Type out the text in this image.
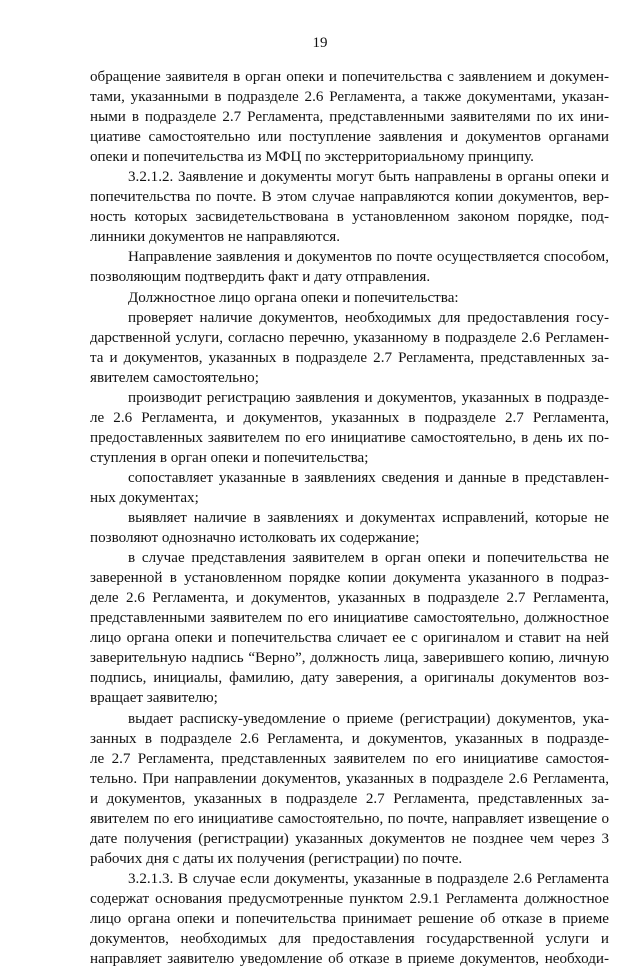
19
обращение заявителя в орган опеки и попечительства с заявлением и докумен-
тами, указанными в подразделе 2.6 Регламента, а также документами, указан-
ными в подразделе 2.7 Регламента, представленными заявителями по их ини-
циативе самостоятельно или поступление заявления и документов органами
опеки и попечительства из МФЦ по экстерриториальному принципу.
3.2.1.2. Заявление и документы могут быть направлены в органы опеки и
попечительства по почте. В этом случае направляются копии документов, вер-
ность которых засвидетельствована в установленном законом порядке, под-
линники документов не направляются.
Направление заявления и документов по почте осуществляется способом,
позволяющим подтвердить факт и дату отправления.
Должностное лицо органа опеки и попечительства:
проверяет наличие документов, необходимых для предоставления госу-
дарственной услуги, согласно перечню, указанному в подразделе 2.6 Регламен-
та и документов, указанных в подразделе 2.7 Регламента, представленных за-
явителем самостоятельно;
производит регистрацию заявления и документов, указанных в подразде-
ле 2.6 Регламента, и документов, указанных в подразделе 2.7 Регламента,
предоставленных заявителем по его инициативе самостоятельно, в день их по-
ступления в орган опеки и попечительства;
сопоставляет указанные в заявлениях сведения и данные в представлен-
ных документах;
выявляет наличие в заявлениях и документах исправлений, которые не
позволяют однозначно истолковать их содержание;
в случае представления заявителем в орган опеки и попечительства не
заверенной в установленном порядке копии документа указанного в подраз-
деле 2.6 Регламента, и документов, указанных в подразделе 2.7 Регламента,
представленными заявителем по его инициативе самостоятельно, должностное
лицо органа опеки и попечительства сличает ее с оригиналом и ставит на ней
заверительную надпись “Верно”, должность лица, заверившего копию, личную
подпись, инициалы, фамилию, дату заверения, а оригиналы документов воз-
вращает заявителю;
выдает расписку-уведомление о приеме (регистрации) документов, ука-
занных в подразделе 2.6 Регламента, и документов, указанных в подразде-
ле 2.7 Регламента, представленных заявителем по его инициативе самостоя-
тельно. При направлении документов, указанных в подразделе 2.6 Регламента,
и документов, указанных в подразделе 2.7 Регламента, представленных за-
явителем по его инициативе самостоятельно, по почте, направляет извещение о
дате получения (регистрации) указанных документов не позднее чем через 3
рабочих дня с даты их получения (регистрации) по почте.
3.2.1.3. В случае если документы, указанные в подразделе 2.6 Регламента
содержат основания предусмотренные пунктом 2.9.1 Регламента должностное
лицо органа опеки и попечительства принимает решение об отказе в приеме
документов, необходимых для предоставления государственной услуги и
направляет заявителю уведомление об отказе в приеме документов, необходи-
